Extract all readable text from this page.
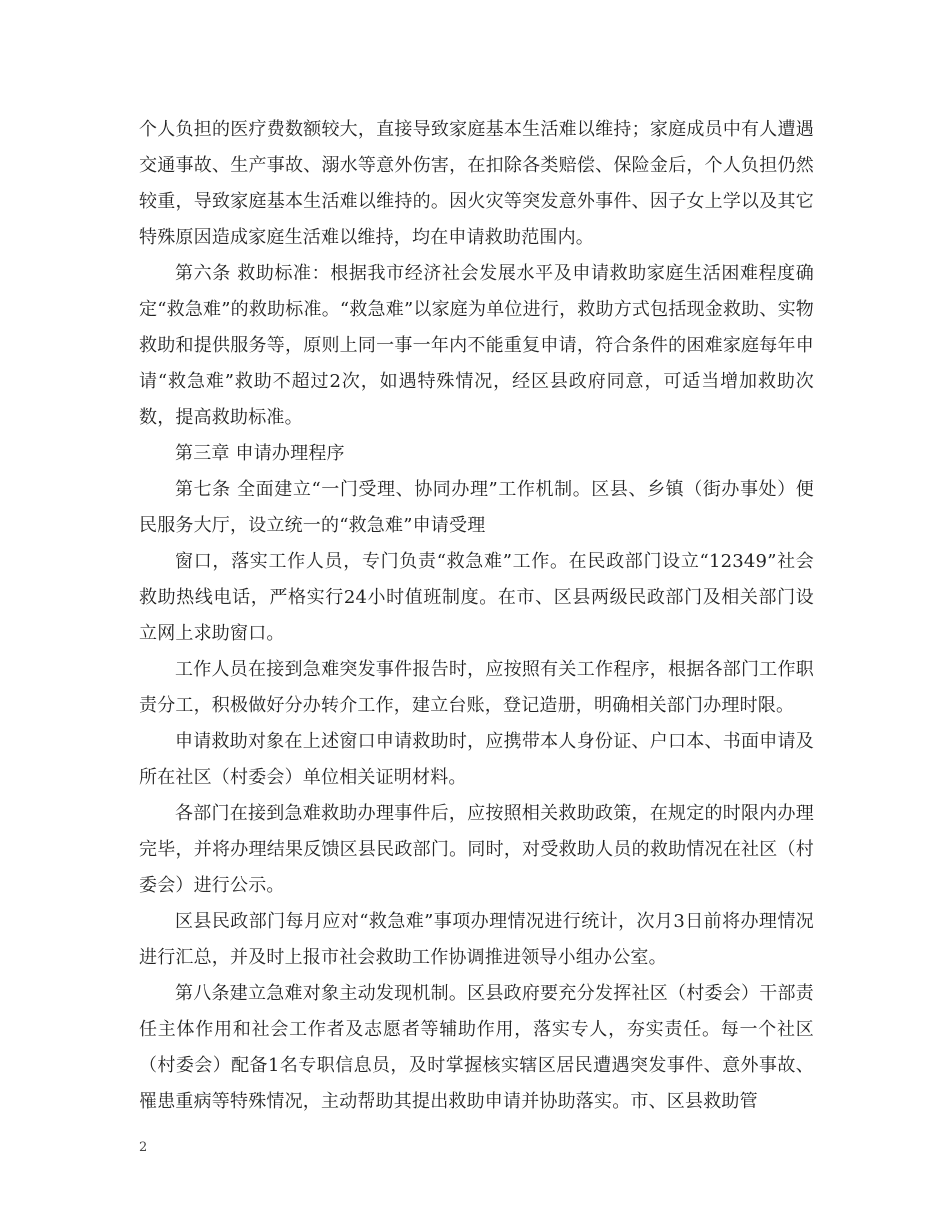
个人负担的医疗费数额较大，直接导致家庭基本生活难以维持；家庭成员中有人遭遇交通事故、生产事故、溺水等意外伤害，在扣除各类赔偿、保险金后，个人负担仍然较重，导致家庭基本生活难以维持的。因火灾等突发意外事件、因子女上学以及其它特殊原因造成家庭生活难以维持，均在申请救助范围内。

第六条 救助标准：根据我市经济社会发展水平及申请救助家庭生活困难程度确定“救急难”的救助标准。“救急难”以家庭为单位进行，救助方式包括现金救助、实物救助和提供服务等，原则上同一事一年内不能重复申请，符合条件的困难家庭每年申请“救急难”救助不超过2次，如遇特殊情况，经区县政府同意，可适当增加救助次数，提高救助标准。

第三章 申请办理程序

第七条 全面建立“一门受理、协同办理”工作机制。区县、乡镇（街办事处）便民服务大厅，设立统一的“救急难”申请受理

窗口，落实工作人员，专门负责“救急难”工作。在民政部门设立“12349”社会救助热线电话，严格实行24小时值班制度。在市、区县两级民政部门及相关部门设立网上求助窗口。

工作人员在接到急难突发事件报告时，应按照有关工作程序，根据各部门工作职责分工，积极做好分办转介工作，建立台账，登记造册，明确相关部门办理时限。

申请救助对象在上述窗口申请救助时，应携带本人身份证、户口本、书面申请及所在社区（村委会）单位相关证明材料。

各部门在接到急难救助办理事件后，应按照相关救助政策，在规定的时限内办理完毕，并将办理结果反馈区县民政部门。同时，对受救助人员的救助情况在社区（村委会）进行公示。

区县民政部门每月应对“救急难”事项办理情况进行统计，次月3日前将办理情况进行汇总，并及时上报市社会救助工作协调推进领导小组办公室。

第八条建立急难对象主动发现机制。区县政府要充分发挥社区（村委会）干部责任主体作用和社会工作者及志愿者等辅助作用，落实专人，夯实责任。每一个社区（村委会）配备1名专职信息员，及时掌握核实辖区居民遭遇突发事件、意外事故、罹患重病等特殊情况，主动帮助其提出救助申请并协助落实。市、区县救助管

2
